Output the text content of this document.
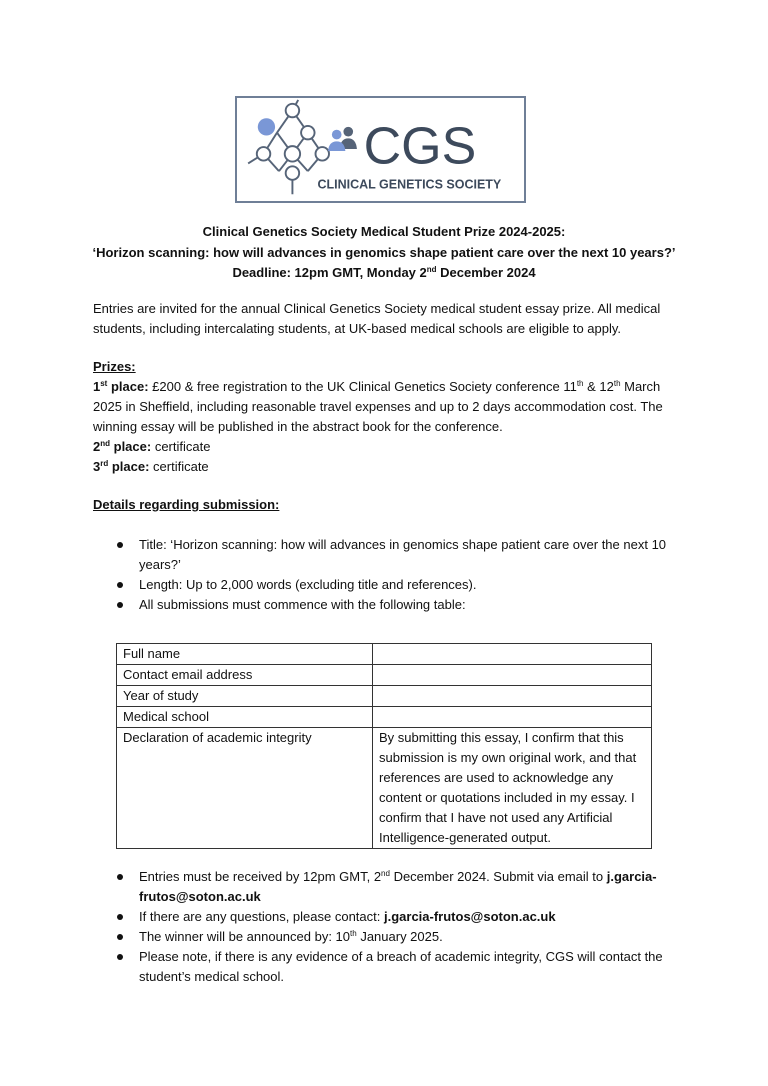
CGS
CLINICAL GENETICS SOCIETY
Clinical Genetics Society Medical Student Prize 2024-2025:
‘Horizon scanning: how will advances in genomics shape patient care over the next 10 years?’
Deadline: 12pm GMT, Monday 2nd December 2024
Entries are invited for the annual Clinical Genetics Society medical student essay prize. All medical students, including intercalating students, at UK-based medical schools are eligible to apply.
Prizes:
1st place: £200 & free registration to the UK Clinical Genetics Society conference 11th & 12th March 2025 in Sheffield, including reasonable travel expenses and up to 2 days accommodation cost. The winning essay will be published in the abstract book for the conference.
2nd place: certificate
3rd place: certificate
Details regarding submission:
Title: ‘Horizon scanning: how will advances in genomics shape patient care over the next 10 years?’
Length: Up to 2,000 words (excluding title and references).
All submissions must commence with the following table:
Full name	
Contact email address	
Year of study	
Medical school	
Declaration of academic integrity	By submitting this essay, I confirm that this submission is my own original work, and that references are used to acknowledge any content or quotations included in my essay. I confirm that I have not used any Artificial Intelligence-generated output.
Entries must be received by 12pm GMT, 2nd December 2024. Submit via email to j.garcia-frutos@soton.ac.uk
If there are any questions, please contact: j.garcia-frutos@soton.ac.uk
The winner will be announced by: 10th January 2025.
Please note, if there is any evidence of a breach of academic integrity, CGS will contact the student’s medical school.
